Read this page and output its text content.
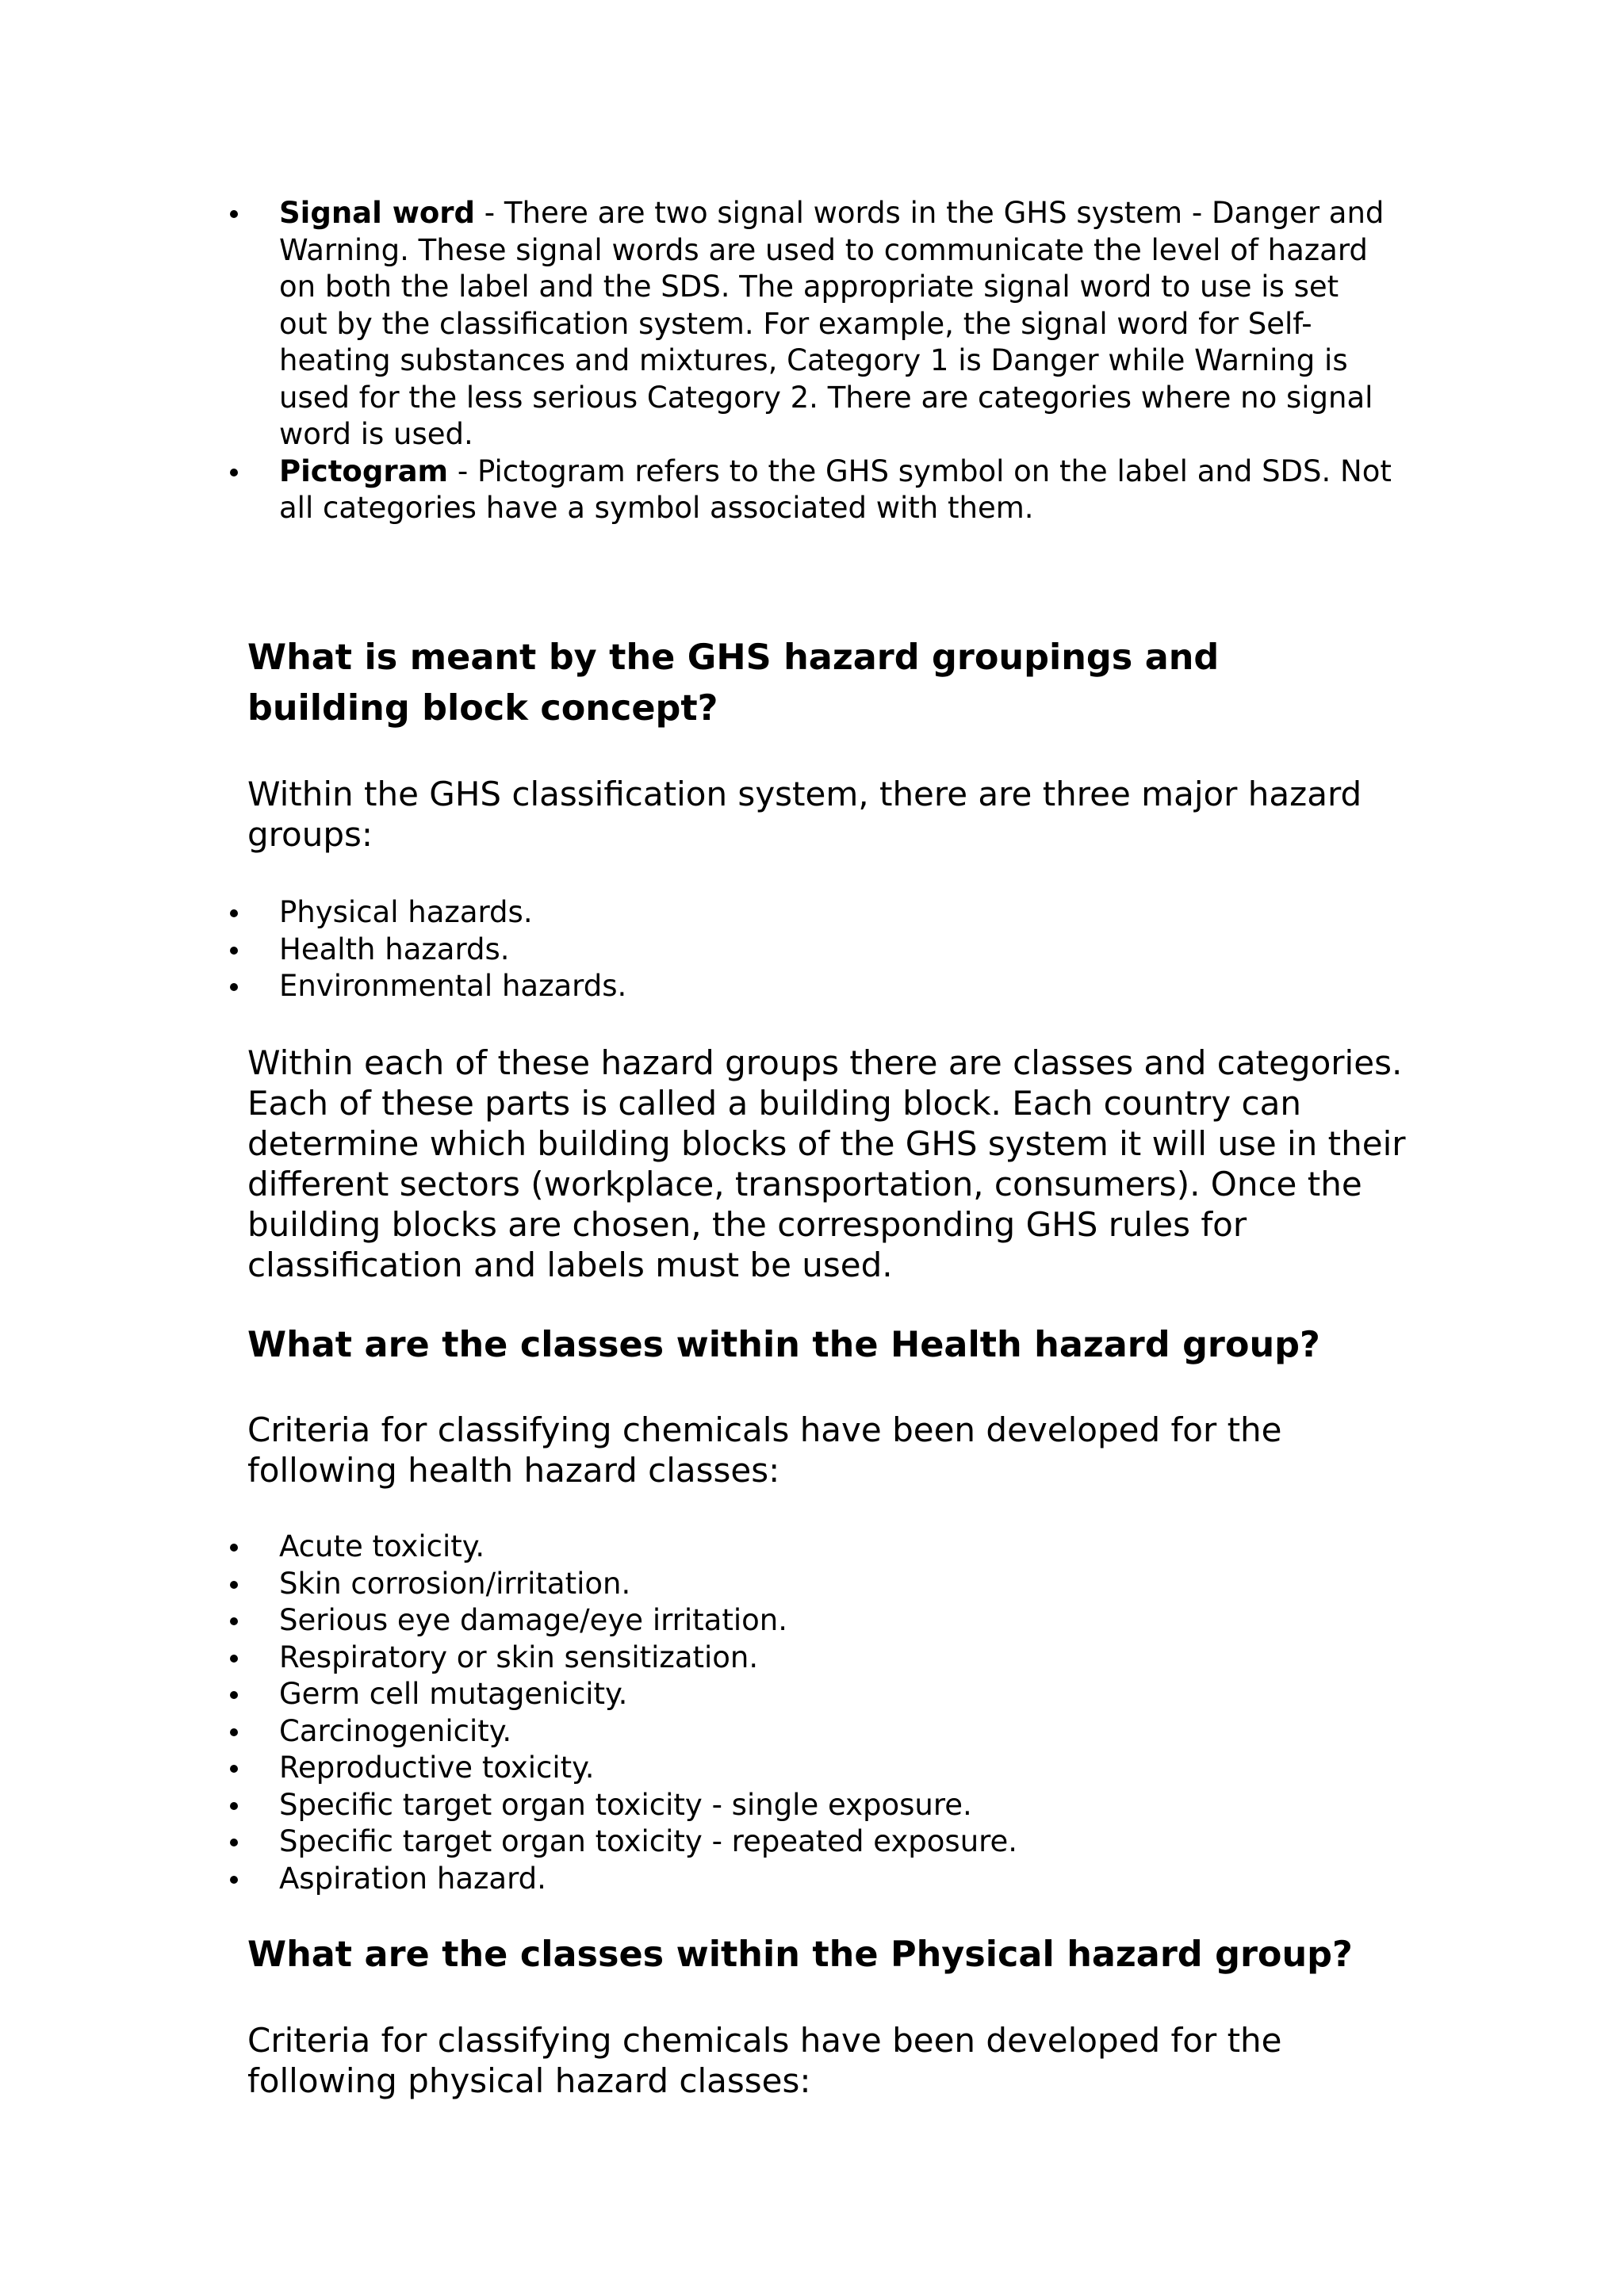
Signal word - There are two signal words in the GHS system - Danger and Warning. These signal words are used to communicate the level of hazard on both the label and the SDS. The appropriate signal word to use is set out by the classification system. For example, the signal word for Self-heating substances and mixtures, Category 1 is Danger while Warning is used for the less serious Category 2. There are categories where no signal word is used.
Pictogram - Pictogram refers to the GHS symbol on the label and SDS. Not all categories have a symbol associated with them.
What is meant by the GHS hazard groupings and building block concept?

Within the GHS classification system, there are three major hazard groups:

Physical hazards.
Health hazards.
Environmental hazards.

Within each of these hazard groups there are classes and categories. Each of these parts is called a building block. Each country can determine which building blocks of the GHS system it will use in their different sectors (workplace, transportation, consumers). Once the building blocks are chosen, the corresponding GHS rules for classification and labels must be used.

What are the classes within the Health hazard group?

Criteria for classifying chemicals have been developed for the following health hazard classes:

Acute toxicity.
Skin corrosion/irritation.
Serious eye damage/eye irritation.
Respiratory or skin sensitization.
Germ cell mutagenicity.
Carcinogenicity.
Reproductive toxicity.
Specific target organ toxicity - single exposure.
Specific target organ toxicity - repeated exposure.
Aspiration hazard.
What are the classes within the Physical hazard group?

Criteria for classifying chemicals have been developed for the following physical hazard classes:
